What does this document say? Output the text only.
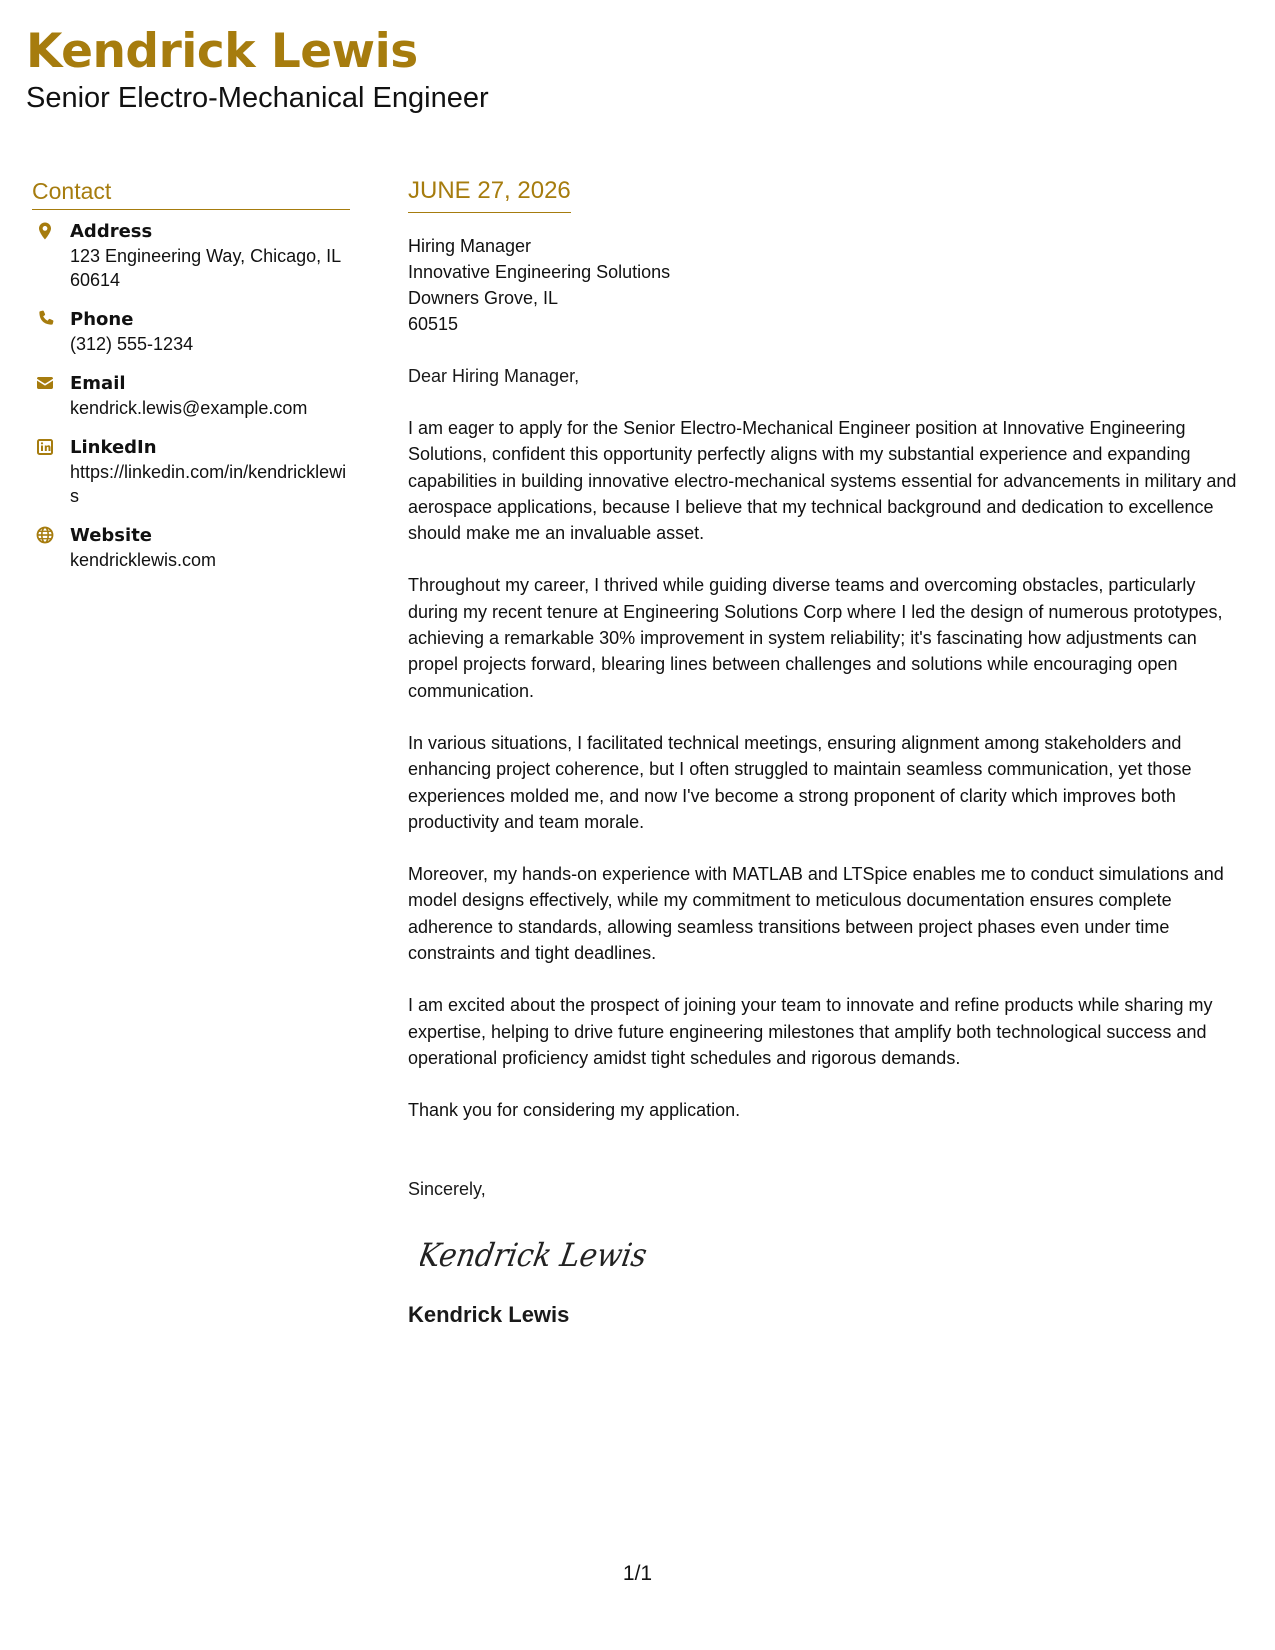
Kendrick Lewis
Senior Electro-Mechanical Engineer
Contact
Address
123 Engineering Way, Chicago, IL 60614
Phone
(312) 555-1234
Email
kendrick.lewis@example.com
LinkedIn
https://linkedin.com/in/kendricklewis
Website
kendricklewis.com
JUNE 27, 2026
Hiring Manager
Innovative Engineering Solutions
Downers Grove, IL
60515
Dear Hiring Manager,
I am eager to apply for the Senior Electro-Mechanical Engineer position at Innovative Engineering Solutions, confident this opportunity perfectly aligns with my substantial experience and expanding capabilities in building innovative electro-mechanical systems essential for advancements in military and aerospace applications, because I believe that my technical background and dedication to excellence should make me an invaluable asset.
Throughout my career, I thrived while guiding diverse teams and overcoming obstacles, particularly during my recent tenure at Engineering Solutions Corp where I led the design of numerous prototypes, achieving a remarkable 30% improvement in system reliability; it's fascinating how adjustments can propel projects forward, blearing lines between challenges and solutions while encouraging open communication.
In various situations, I facilitated technical meetings, ensuring alignment among stakeholders and enhancing project coherence, but I often struggled to maintain seamless communication, yet those experiences molded me, and now I've become a strong proponent of clarity which improves both productivity and team morale.
Moreover, my hands-on experience with MATLAB and LTSpice enables me to conduct simulations and model designs effectively, while my commitment to meticulous documentation ensures complete adherence to standards, allowing seamless transitions between project phases even under time constraints and tight deadlines.
I am excited about the prospect of joining your team to innovate and refine products while sharing my expertise, helping to drive future engineering milestones that amplify both technological success and operational proficiency amidst tight schedules and rigorous demands.
Thank you for considering my application.
Sincerely,
Kendrick Lewis
Kendrick Lewis
1/1
